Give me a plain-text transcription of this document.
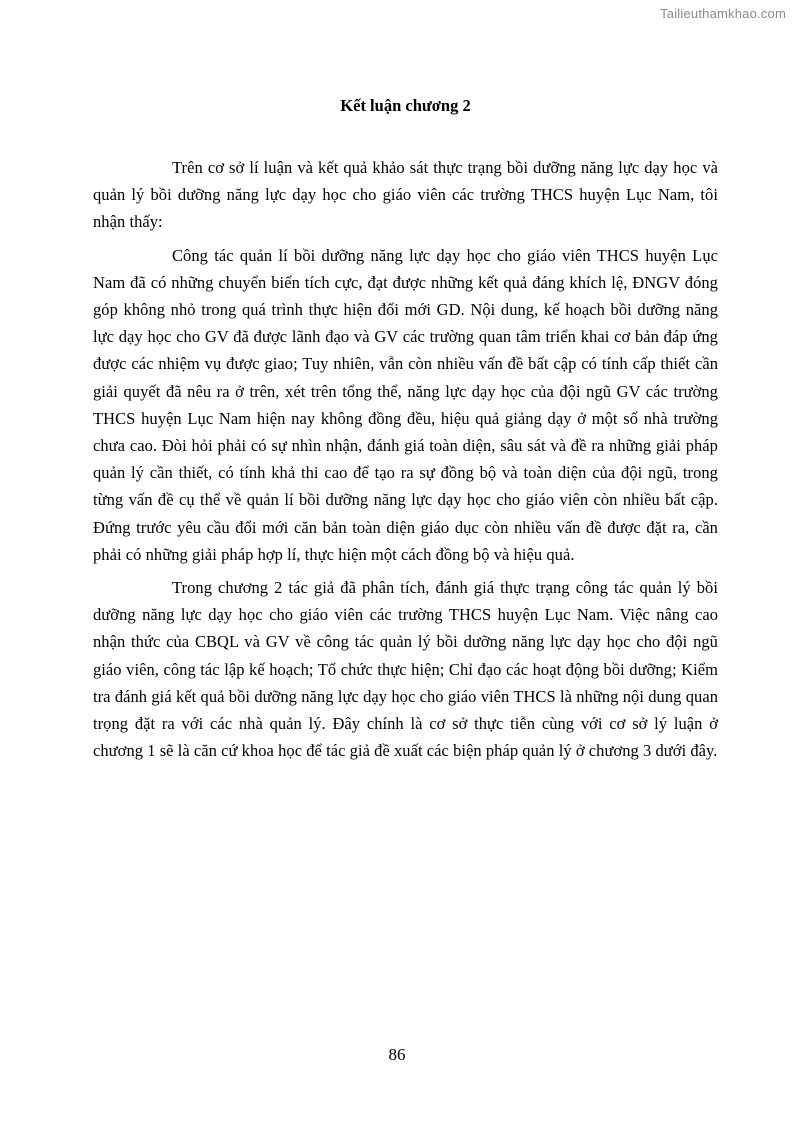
Tailieuthamkhao.com
Kết luận chương 2

Trên cơ sở lí luận và kết quả khảo sát thực trạng bồi dưỡng năng lực dạy học và quản lý bồi dưỡng năng lực dạy học cho giáo viên các trường THCS huyện Lục Nam, tôi nhận thấy:

Công tác quản lí bồi dưỡng năng lực dạy học cho giáo viên THCS huyện Lục Nam đã có những chuyển biến tích cực, đạt được những kết quả đáng khích lệ, ĐNGV đóng góp không nhỏ trong quá trình thực hiện đổi mới GD. Nội dung, kế hoạch bồi dưỡng năng lực dạy học cho GV đã được lãnh đạo và GV các trường quan tâm triển khai cơ bản đáp ứng được các nhiệm vụ được giao; Tuy nhiên, vẫn còn nhiều vấn đề bất cập có tính cấp thiết cần giải quyết đã nêu ra ở trên, xét trên tổng thể, năng lực dạy học của đội ngũ GV các trường THCS huyện Lục Nam hiện nay không đồng đều, hiệu quả giảng dạy ở một số nhà trường chưa cao. Đòi hỏi phải có sự nhìn nhận, đánh giá toàn diện, sâu sát và đề ra những giải pháp quản lý cần thiết, có tính khả thi cao để tạo ra sự đồng bộ và toàn diện của đội ngũ, trong từng vấn đề cụ thể về quản lí bồi dưỡng năng lực dạy học cho giáo viên còn nhiều bất cập. Đứng trước yêu cầu đổi mới căn bản toàn diện giáo dục còn nhiều vấn đề được đặt ra, cần phải có những giải pháp hợp lí, thực hiện một cách đồng bộ và hiệu quả.

Trong chương 2 tác giả đã phân tích, đánh giá thực trạng công tác quản lý bồi dưỡng năng lực dạy học cho giáo viên các trường THCS huyện Lục Nam. Việc nâng cao nhận thức của CBQL và GV về công tác quản lý bồi dưỡng năng lực dạy học cho đội ngũ giáo viên, công tác lập kế hoạch; Tổ chức thực hiện; Chỉ đạo các hoạt động bồi dưỡng; Kiểm tra đánh giá kết quả bồi dưỡng năng lực dạy học cho giáo viên THCS là những nội dung quan trọng đặt ra với các nhà quản lý. Đây chính là cơ sở thực tiễn cùng với cơ sở lý luận ở chương 1 sẽ là căn cứ khoa học để tác giả đề xuất các biện pháp quản lý ở chương 3 dưới đây.

86
